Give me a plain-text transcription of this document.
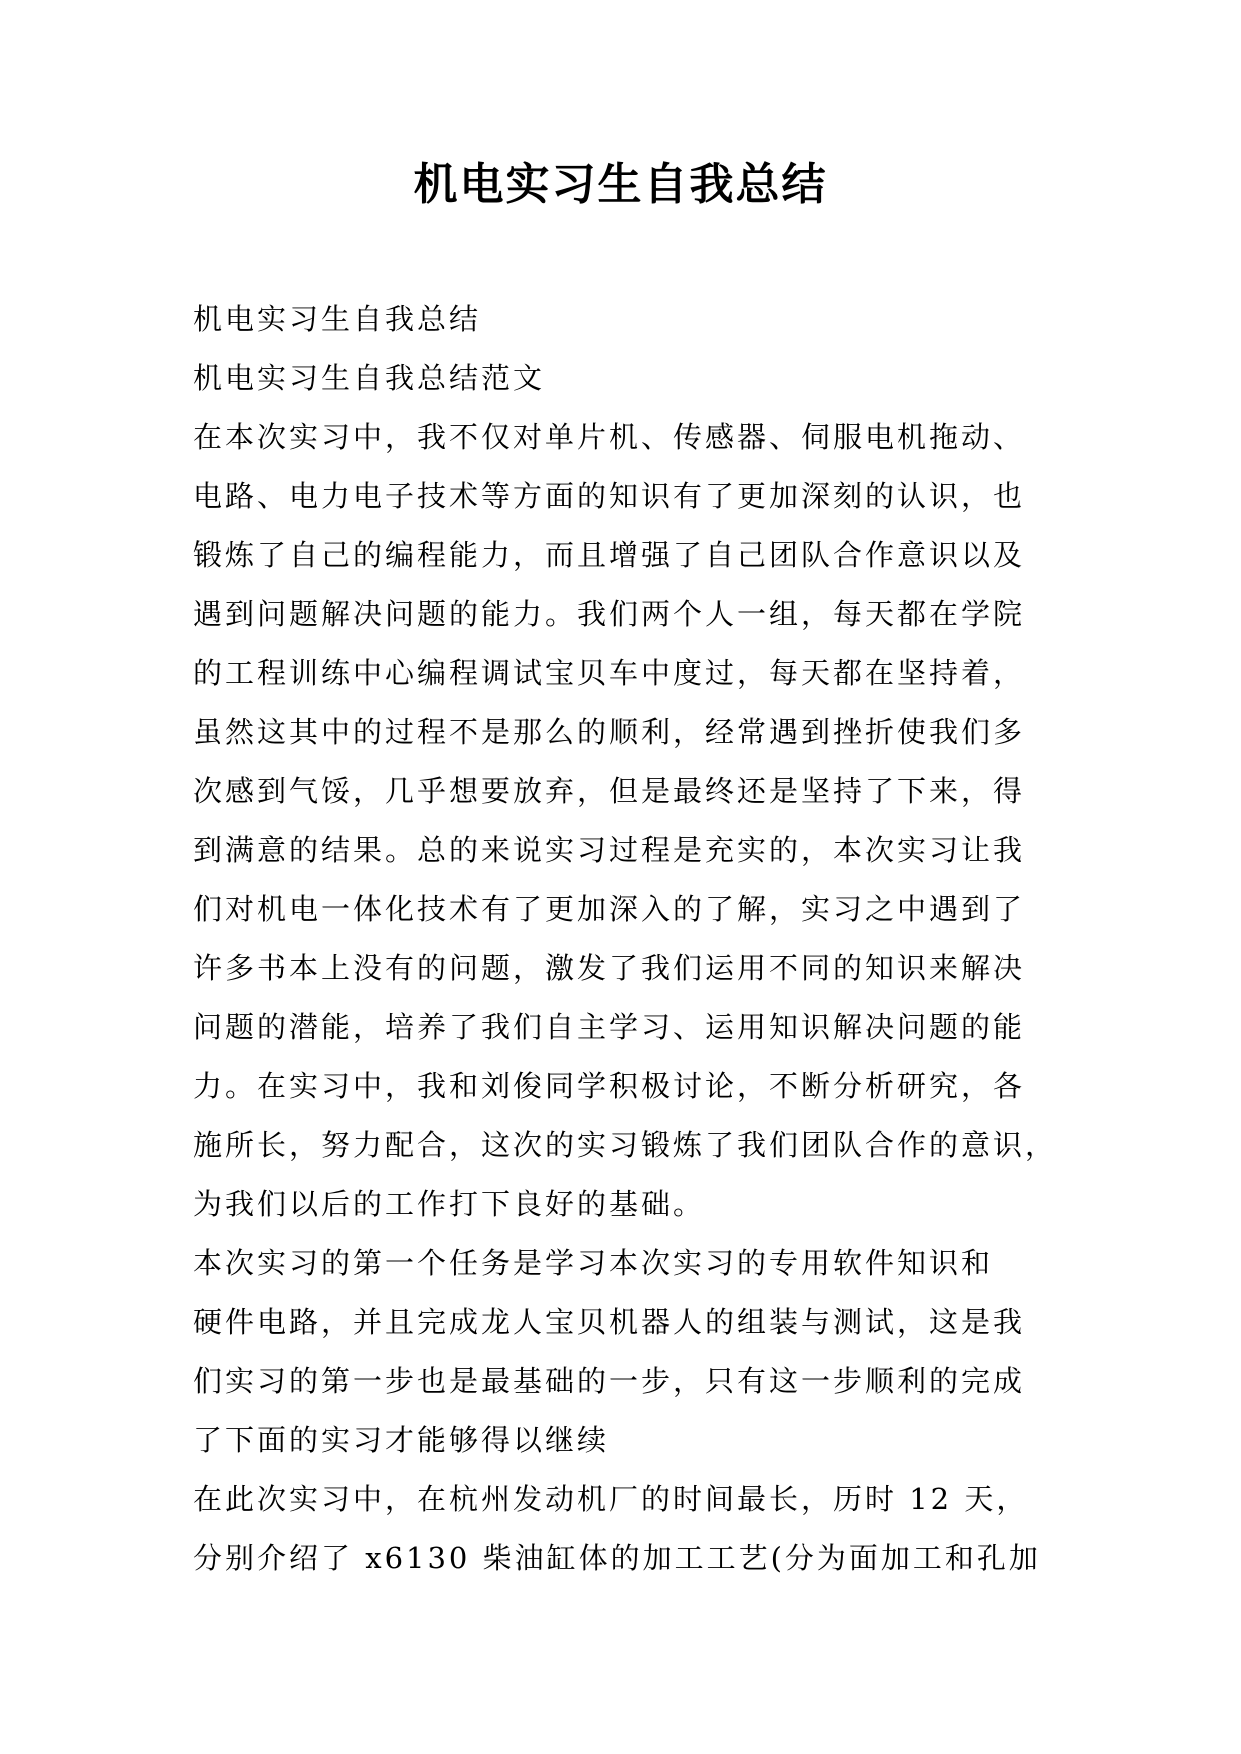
机电实习生自我总结
机电实习生自我总结
机电实习生自我总结范文
在本次实习中，我不仅对单片机、传感器、伺服电机拖动、
电路、电力电子技术等方面的知识有了更加深刻的认识，也
锻炼了自己的编程能力，而且增强了自己团队合作意识以及
遇到问题解决问题的能力。我们两个人一组，每天都在学院
的工程训练中心编程调试宝贝车中度过，每天都在坚持着，
虽然这其中的过程不是那么的顺利，经常遇到挫折使我们多
次感到气馁，几乎想要放弃，但是最终还是坚持了下来，得
到满意的结果。总的来说实习过程是充实的，本次实习让我
们对机电一体化技术有了更加深入的了解，实习之中遇到了
许多书本上没有的问题，激发了我们运用不同的知识来解决
问题的潜能，培养了我们自主学习、运用知识解决问题的能
力。在实习中，我和刘俊同学积极讨论，不断分析研究，各
施所长，努力配合，这次的实习锻炼了我们团队合作的意识，
为我们以后的工作打下良好的基础。
本次实习的第一个任务是学习本次实习的专用软件知识和
硬件电路，并且完成龙人宝贝机器人的组装与测试，这是我
们实习的第一步也是最基础的一步，只有这一步顺利的完成
了下面的实习才能够得以继续
在此次实习中，在杭州发动机厂的时间最长，历时 12 天，
分别介绍了 x6130 柴油缸体的加工工艺(分为面加工和孔加
